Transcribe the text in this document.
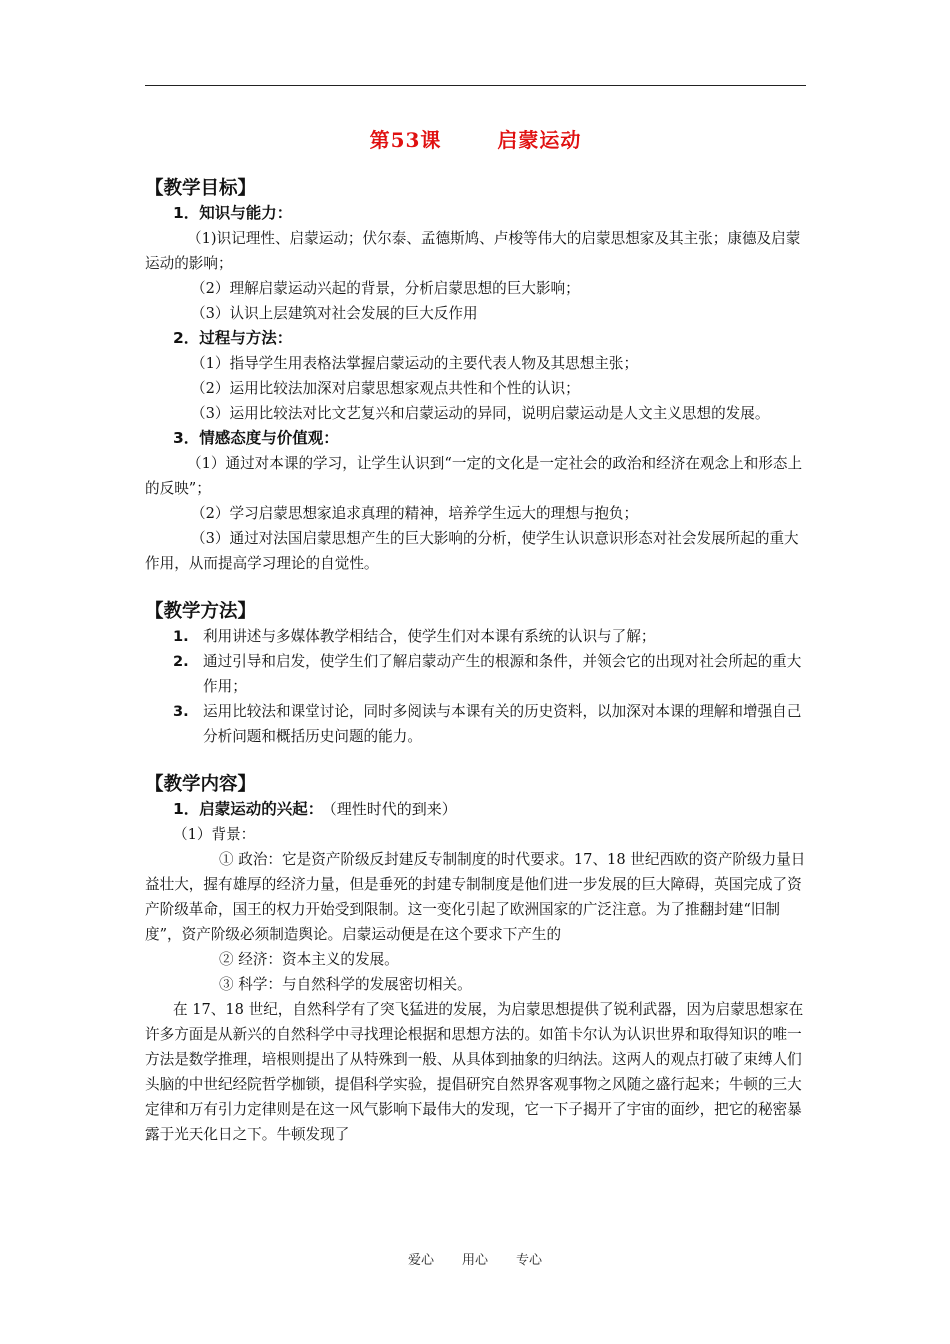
第53课	启蒙运动
【教学目标】
1．知识与能力：

（1)识记理性、启蒙运动；伏尔泰、孟德斯鸠、卢梭等伟大的启蒙思想家及其主张；康德及启蒙运动的影响；

（2）理解启蒙运动兴起的背景，分析启蒙思想的巨大影响；

（3）认识上层建筑对社会发展的巨大反作用

2．过程与方法：

（1）指导学生用表格法掌握启蒙运动的主要代表人物及其思想主张；

（2）运用比较法加深对启蒙思想家观点共性和个性的认识；

（3）运用比较法对比文艺复兴和启蒙运动的异同，说明启蒙运动是人文主义思想的发展。

3．情感态度与价值观：

（1）通过对本课的学习，让学生认识到“一定的文化是一定社会的政治和经济在观念上和形态上的反映”；

（2）学习启蒙思想家追求真理的精神，培养学生远大的理想与抱负；

（3）通过对法国启蒙思想产生的巨大影响的分析，使学生认识意识形态对社会发展所起的重大作用，从而提高学习理论的自觉性。

【教学方法】
1. 利用讲述与多媒体教学相结合，使学生们对本课有系统的认识与了解；
2. 通过引导和启发，使学生们了解启蒙动产生的根源和条件，并领会它的出现对社会所起的重大作用；
3. 运用比较法和课堂讨论，同时多阅读与本课有关的历史资料，以加深对本课的理解和增强自己分析问题和概括历史问题的能力。
【教学内容】
1．启蒙运动的兴起： （理性时代的到来）

（1）背景：

① 政治：它是资产阶级反封建反专制制度的时代要求。17、18 世纪西欧的资产阶级力量日益壮大，握有雄厚的经济力量，但是垂死的封建专制制度是他们进一步发展的巨大障碍，英国完成了资产阶级革命，国王的权力开始受到限制。这一变化引起了欧洲国家的广泛注意。为了推翻封建“旧制度”，资产阶级必须制造舆论。启蒙运动便是在这个要求下产生的

② 经济：资本主义的发展。

③ 科学：与自然科学的发展密切相关。

在 17、18 世纪，自然科学有了突飞猛进的发展，为启蒙思想提供了锐利武器，因为启蒙思想家在许多方面是从新兴的自然科学中寻找理论根据和思想方法的。如笛卡尔认为认识世界和取得知识的唯一方法是数学推理，培根则提出了从特殊到一般、从具体到抽象的归纳法。这两人的观点打破了束缚人们头脑的中世纪经院哲学枷锁，提倡科学实验，提倡研究自然界客观事物之风随之盛行起来；牛顿的三大定律和万有引力定律则是在这一风气影响下最伟大的发现，它一下子揭开了宇宙的面纱，把它的秘密暴露于光天化日之下。牛顿发现了

爱心 用心 专心
